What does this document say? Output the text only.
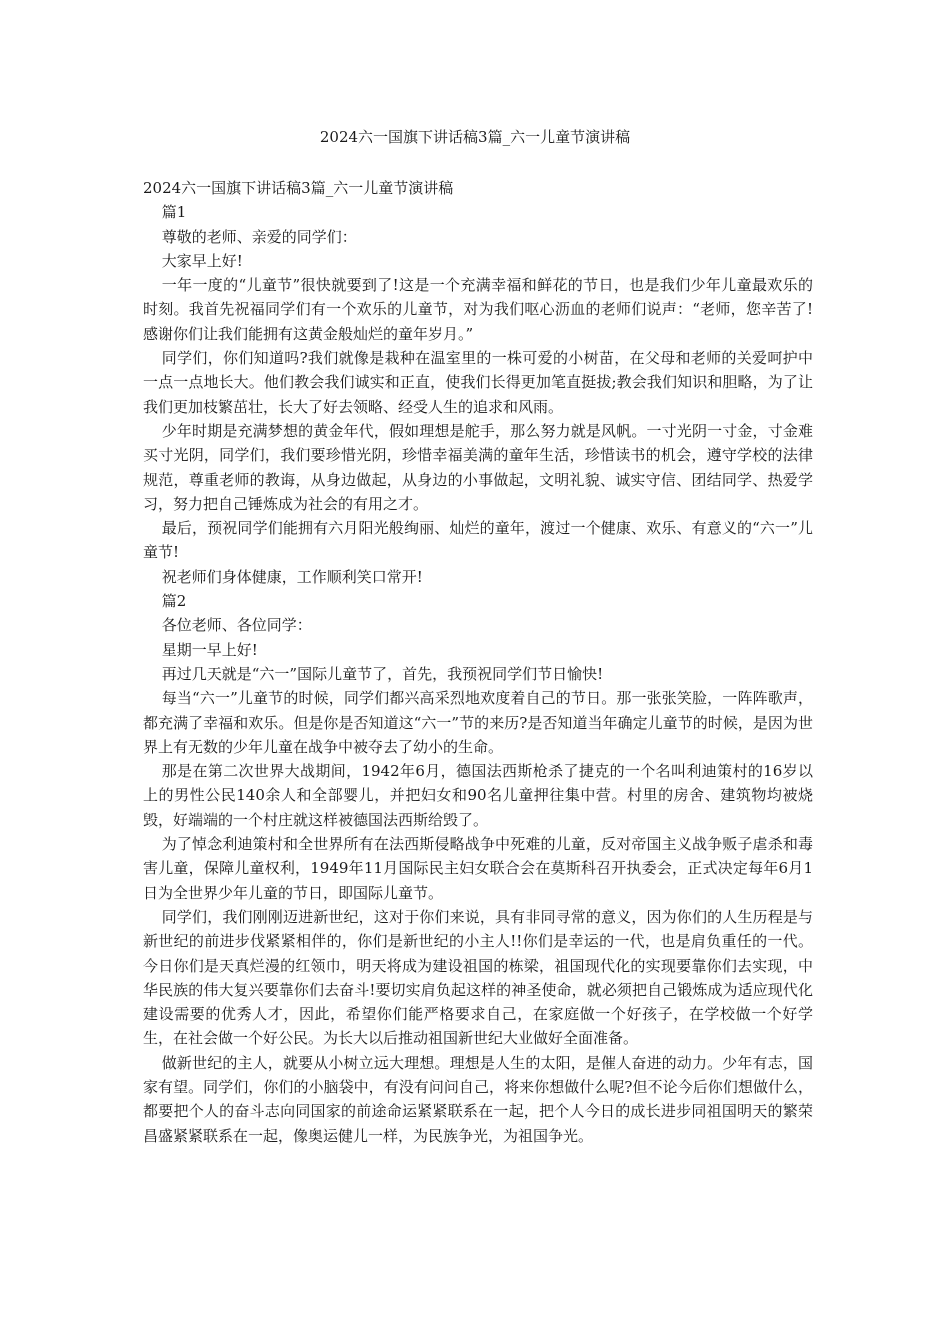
2024六一国旗下讲话稿3篇_六一儿童节演讲稿

2024六一国旗下讲话稿3篇_六一儿童节演讲稿

篇1

尊敬的老师、亲爱的同学们：

大家早上好!

一年一度的“儿童节”很快就要到了!这是一个充满幸福和鲜花的节日，也是我们少年儿童最欢乐的时刻。我首先祝福同学们有一个欢乐的儿童节，对为我们呕心沥血的老师们说声：“老师，您辛苦了!感谢你们让我们能拥有这黄金般灿烂的童年岁月。”

同学们，你们知道吗?我们就像是栽种在温室里的一株可爱的小树苗，在父母和老师的关爱呵护中一点一点地长大。他们教会我们诚实和正直，使我们长得更加笔直挺拔;教会我们知识和胆略，为了让我们更加枝繁茁壮，长大了好去领略、经受人生的追求和风雨。

少年时期是充满梦想的黄金年代，假如理想是舵手，那么努力就是风帆。一寸光阴一寸金，寸金难买寸光阴，同学们，我们要珍惜光阴，珍惜幸福美满的童年生活，珍惜读书的机会，遵守学校的法律规范，尊重老师的教诲，从身边做起，从身边的小事做起，文明礼貌、诚实守信、团结同学、热爱学习，努力把自己锤炼成为社会的有用之才。

最后，预祝同学们能拥有六月阳光般绚丽、灿烂的童年，渡过一个健康、欢乐、有意义的“六一”儿童节!

祝老师们身体健康，工作顺利笑口常开!

篇2

各位老师、各位同学：

星期一早上好!

再过几天就是“六一”国际儿童节了，首先，我预祝同学们节日愉快!

每当“六一”儿童节的时候，同学们都兴高采烈地欢度着自己的节日。那一张张笑脸，一阵阵歌声，都充满了幸福和欢乐。但是你是否知道这“六一”节的来历?是否知道当年确定儿童节的时候，是因为世界上有无数的少年儿童在战争中被夺去了幼小的生命。

那是在第二次世界大战期间，1942年6月，德国法西斯枪杀了捷克的一个名叫利迪策村的16岁以上的男性公民140余人和全部婴儿，并把妇女和90名儿童押往集中营。村里的房舍、建筑物均被烧毁，好端端的一个村庄就这样被德国法西斯给毁了。

为了悼念利迪策村和全世界所有在法西斯侵略战争中死难的儿童，反对帝国主义战争贩子虐杀和毒害儿童，保障儿童权利，1949年11月国际民主妇女联合会在莫斯科召开执委会，正式决定每年6月1日为全世界少年儿童的节日，即国际儿童节。

同学们，我们刚刚迈进新世纪，这对于你们来说，具有非同寻常的意义，因为你们的人生历程是与新世纪的前进步伐紧紧相伴的，你们是新世纪的小主人!!你们是幸运的一代，也是肩负重任的一代。今日你们是天真烂漫的红领巾，明天将成为建设祖国的栋梁，祖国现代化的实现要靠你们去实现，中华民族的伟大复兴要靠你们去奋斗!要切实肩负起这样的神圣使命，就必须把自己锻炼成为适应现代化建设需要的优秀人才，因此，希望你们能严格要求自己，在家庭做一个好孩子，在学校做一个好学生，在社会做一个好公民。为长大以后推动祖国新世纪大业做好全面准备。

做新世纪的主人，就要从小树立远大理想。理想是人生的太阳，是催人奋进的动力。少年有志，国家有望。同学们，你们的小脑袋中，有没有问问自己，将来你想做什么呢?但不论今后你们想做什么，都要把个人的奋斗志向同国家的前途命运紧紧联系在一起，把个人今日的成长进步同祖国明天的繁荣昌盛紧紧联系在一起，像奥运健儿一样，为民族争光，为祖国争光。
